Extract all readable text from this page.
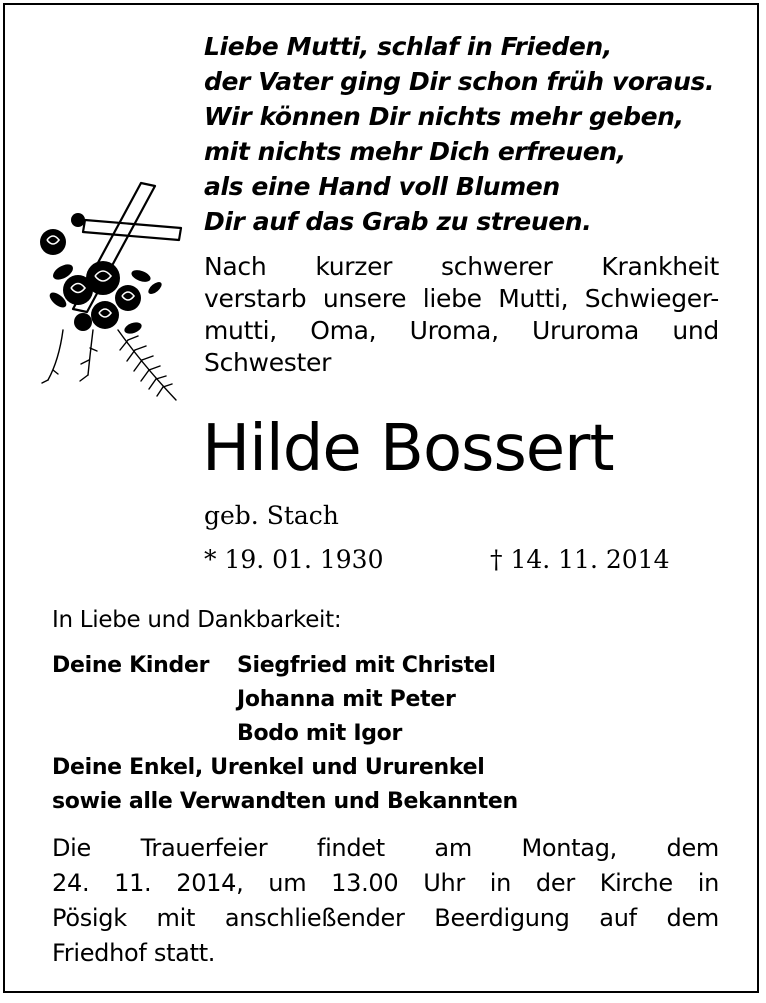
Liebe Mutti, schlaf in Frieden,
der Vater ging Dir schon früh voraus.
Wir können Dir nichts mehr geben,
mit nichts mehr Dich erfreuen,
als eine Hand voll Blumen
Dir auf das Grab zu streuen.
Nach kurzer schwerer Krankheit
verstarb unsere liebe Mutti, Schwieger-
mutti, Oma, Uroma, Ururoma und
Schwester
Hilde Bossert
geb. Stach
* 19. 01. 1930	† 14. 11. 2014
In Liebe und Dankbarkeit:
Deine Kinder Siegfried mit Christel
Johanna mit Peter
Bodo mit Igor
Deine Enkel, Urenkel und Ururenkel
sowie alle Verwandten und Bekannten
Die Trauerfeier findet am Montag, dem
24. 11. 2014, um 13.00 Uhr in der Kirche in
Pösigk mit anschließender Beerdigung auf dem
Friedhof statt.
